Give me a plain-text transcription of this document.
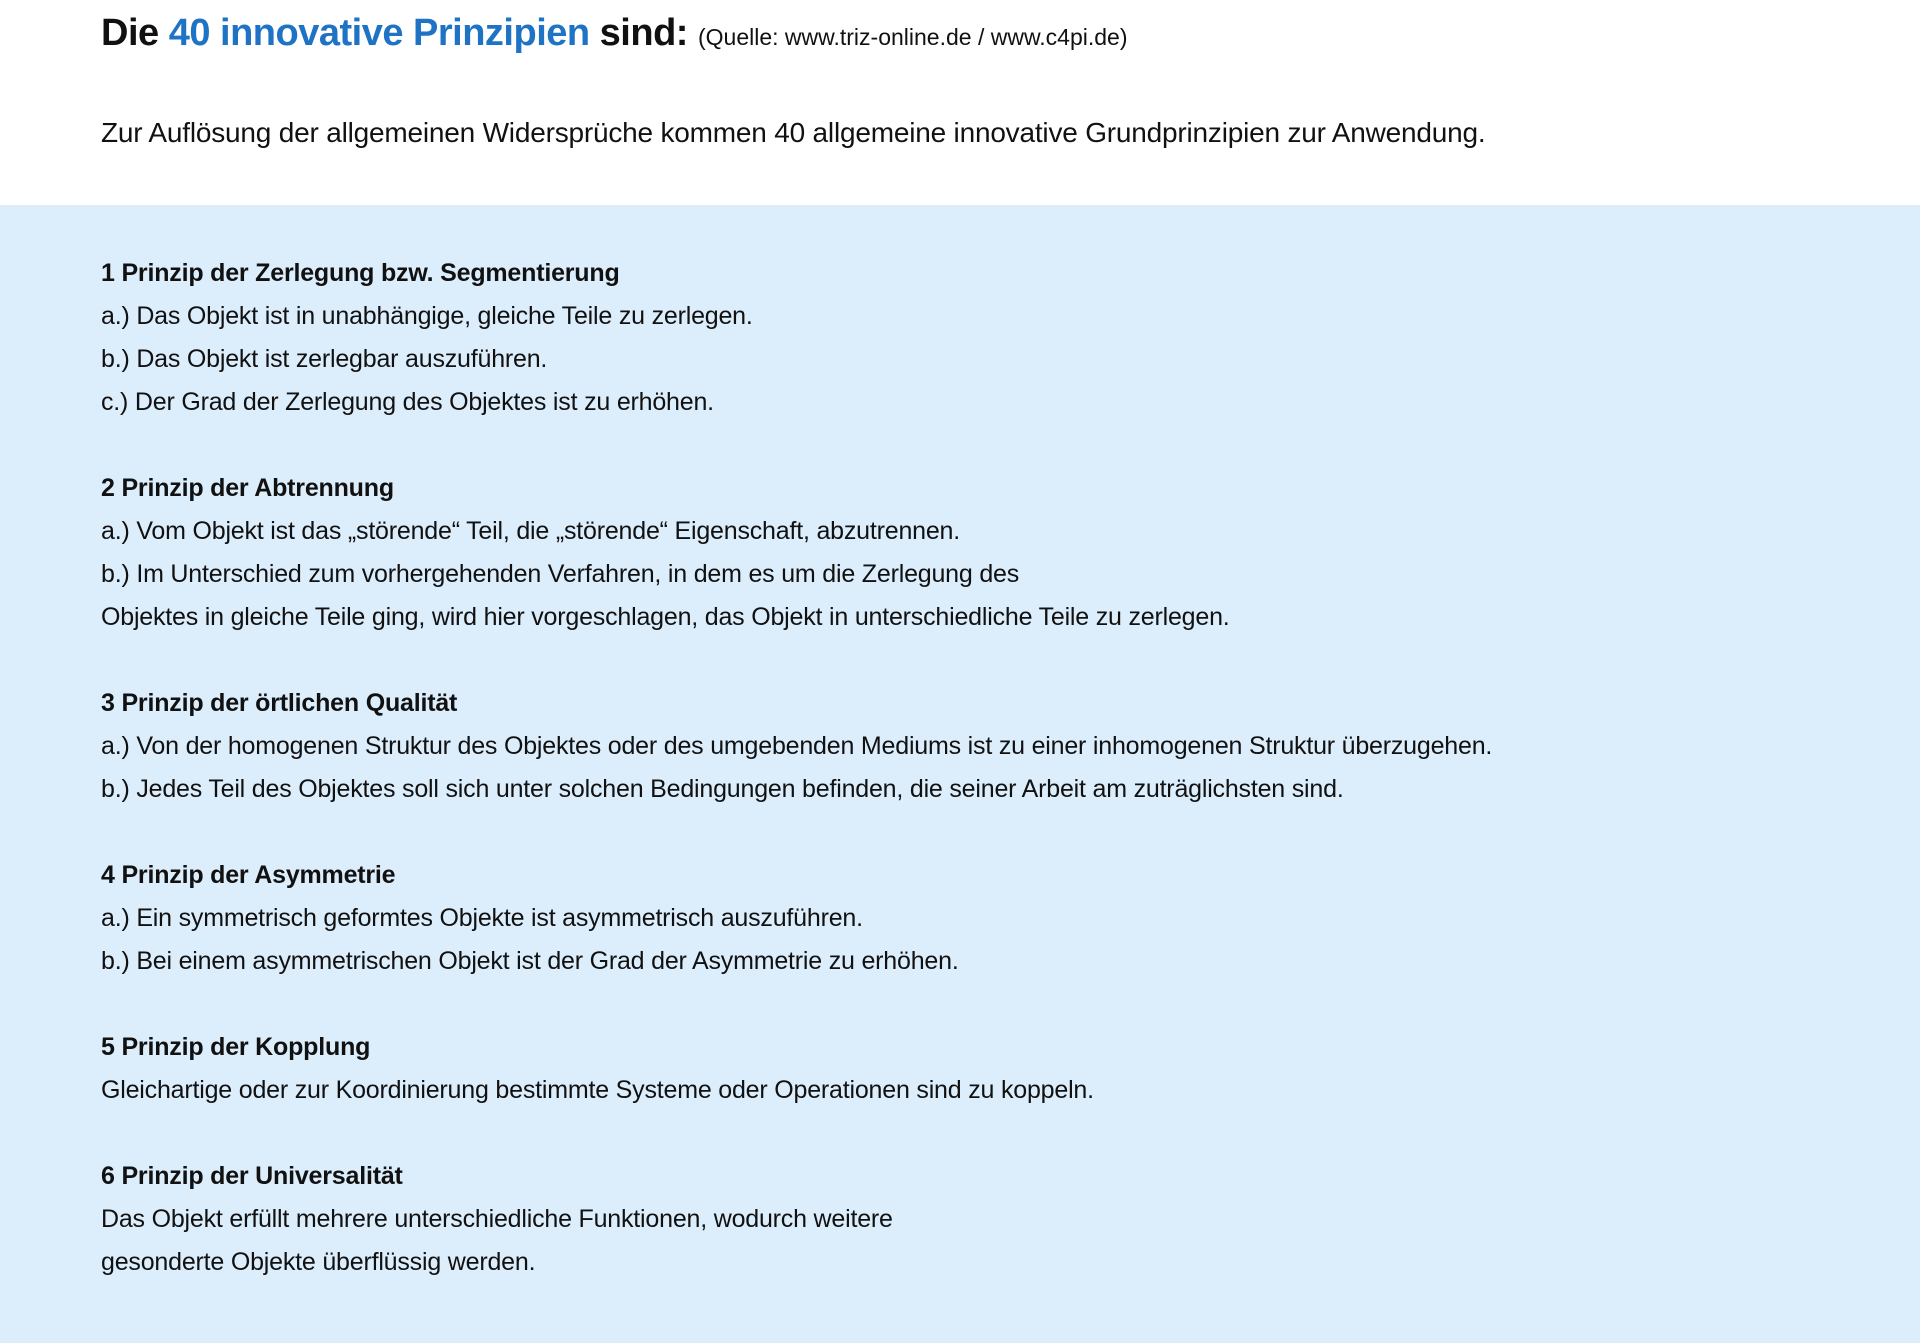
Die 40 innovative Prinzipien sind: (Quelle: www.triz-online.de / www.c4pi.de)

Zur Auflösung der allgemeinen Widersprüche kommen 40 allgemeine innovative Grundprinzipien zur Anwendung.

1 Prinzip der Zerlegung bzw. Segmentierung
a.) Das Objekt ist in unabhängige, gleiche Teile zu zerlegen.
b.) Das Objekt ist zerlegbar auszuführen.
c.) Der Grad der Zerlegung des Objektes ist zu erhöhen.
2 Prinzip der Abtrennung
a.) Vom Objekt ist das „störende“ Teil, die „störende“ Eigenschaft, abzutrennen.
b.) Im Unterschied zum vorhergehenden Verfahren, in dem es um die Zerlegung des
Objektes in gleiche Teile ging, wird hier vorgeschlagen, das Objekt in unterschiedliche Teile zu zerlegen.
3 Prinzip der örtlichen Qualität
a.) Von der homogenen Struktur des Objektes oder des umgebenden Mediums ist zu einer inhomogenen Struktur überzugehen.
b.) Jedes Teil des Objektes soll sich unter solchen Bedingungen befinden, die seiner Arbeit am zuträglichsten sind.
4 Prinzip der Asymmetrie
a.) Ein symmetrisch geformtes Objekte ist asymmetrisch auszuführen.
b.) Bei einem asymmetrischen Objekt ist der Grad der Asymmetrie zu erhöhen.
5 Prinzip der Kopplung
Gleichartige oder zur Koordinierung bestimmte Systeme oder Operationen sind zu koppeln.
6 Prinzip der Universalität
Das Objekt erfüllt mehrere unterschiedliche Funktionen, wodurch weitere
gesonderte Objekte überflüssig werden.
